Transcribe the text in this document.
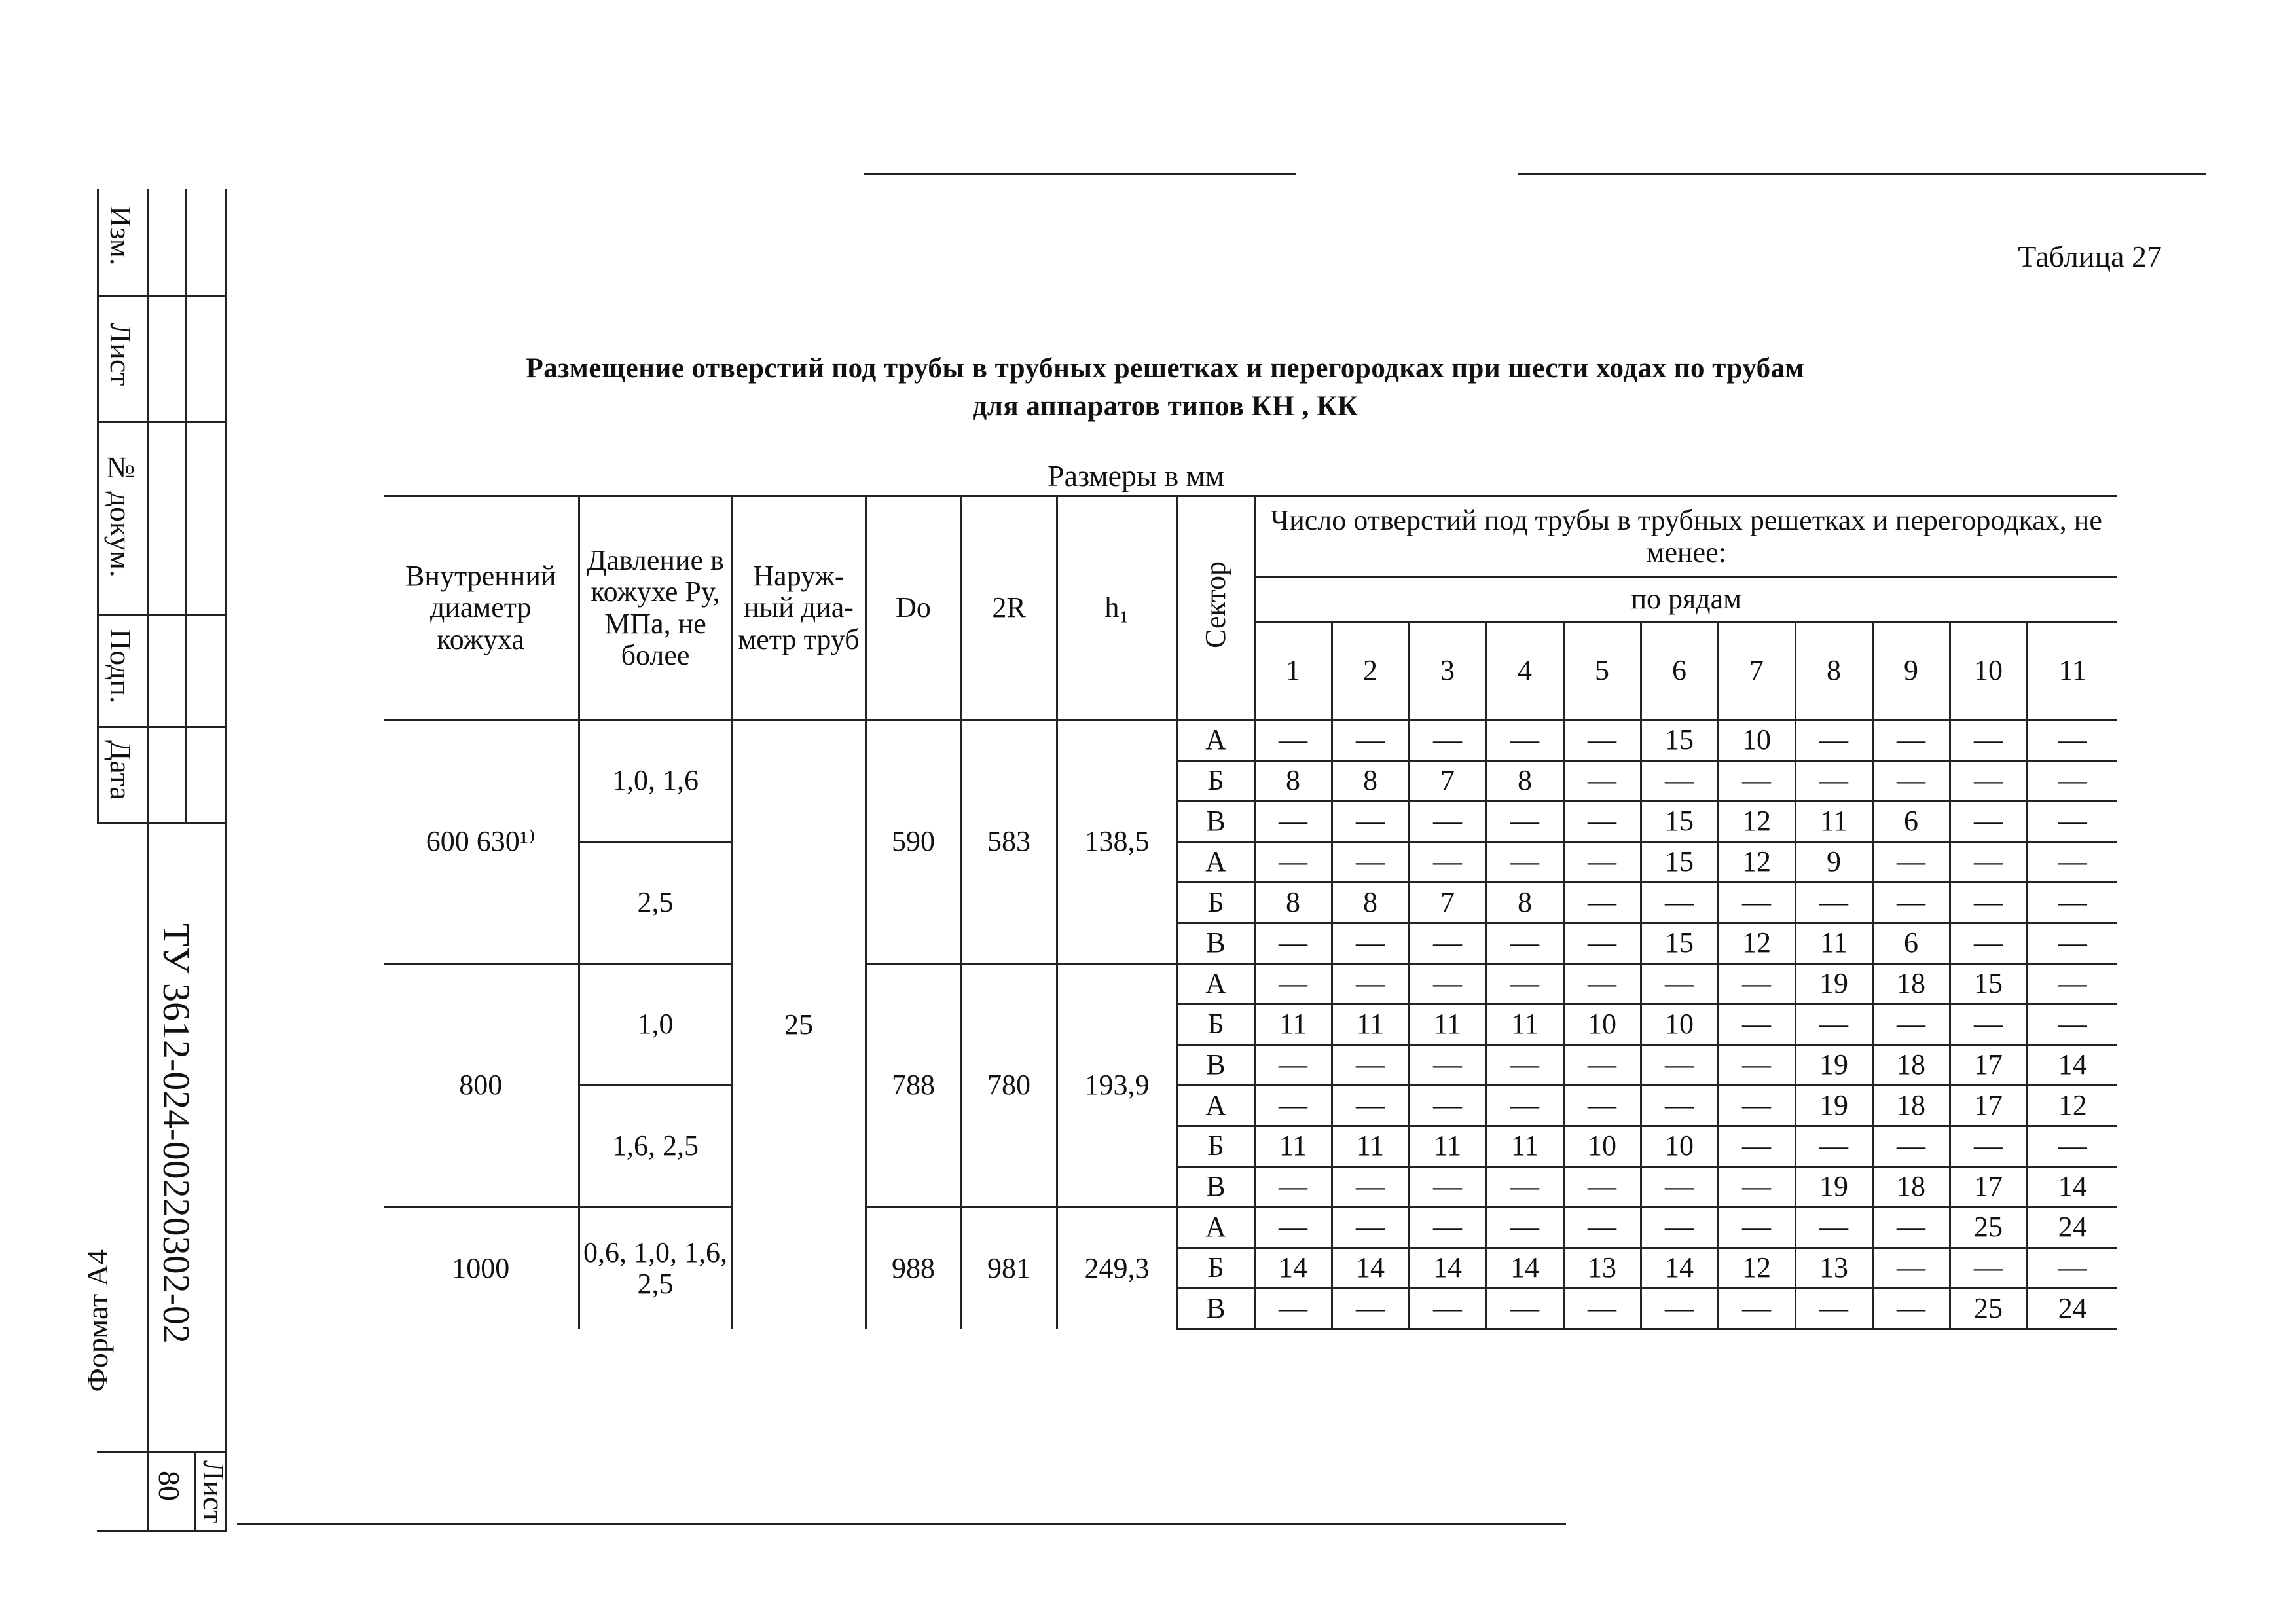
Изм.
Лист
№ докум.
Подп.
Дата
ТУ 3612-024-00220302-02
Формат А4
80 Лист
Таблица 27
Размещение отверстий под трубы в трубных решетках и перегородках при шести ходах по трубам
для аппаратов типов КН , КК
Размеры в мм
Внутренний диаметр кожуха	Давление в кожухе Ру, МПа, не более	Наруж-ный диа-метр труб	Do	2R	h₁	Сектор	Число отверстий под трубы в трубных решетках и перегородках, не менее:										
							по рядам										
							1	2	3	4	5	6	7	8	9	10	11
600 630¹⁾	1,0, 1,6	25	590	583	138,5	А	—	—	—	—	—	15	10	—	—	—	—
						Б	8	8	7	8	—	—	—	—	—	—	—
						В	—	—	—	—	—	15	12	11	6	—	—
	2,5					А	—	—	—	—	—	15	12	9	—	—	—
						Б	8	8	7	8	—	—	—	—	—	—	—
						В	—	—	—	—	—	15	12	11	6	—	—
800	1,0		788	780	193,9	А	—	—	—	—	—	—	—	19	18	15	—
						Б	11	11	11	11	10	10	—	—	—	—	—
						В	—	—	—	—	—	—	—	19	18	17	14
	1,6, 2,5					А	—	—	—	—	—	—	—	19	18	17	12
						Б	11	11	11	11	10	10	—	—	—	—	—
						В	—	—	—	—	—	—	—	19	18	17	14
1000	0,6, 1,0, 1,6, 2,5		988	981	249,3	А	—	—	—	—	—	—	—	—	—	25	24
						Б	14	14	14	14	13	14	12	13	—	—	—
						В	—	—	—	—	—	—	—	—	—	25	24
